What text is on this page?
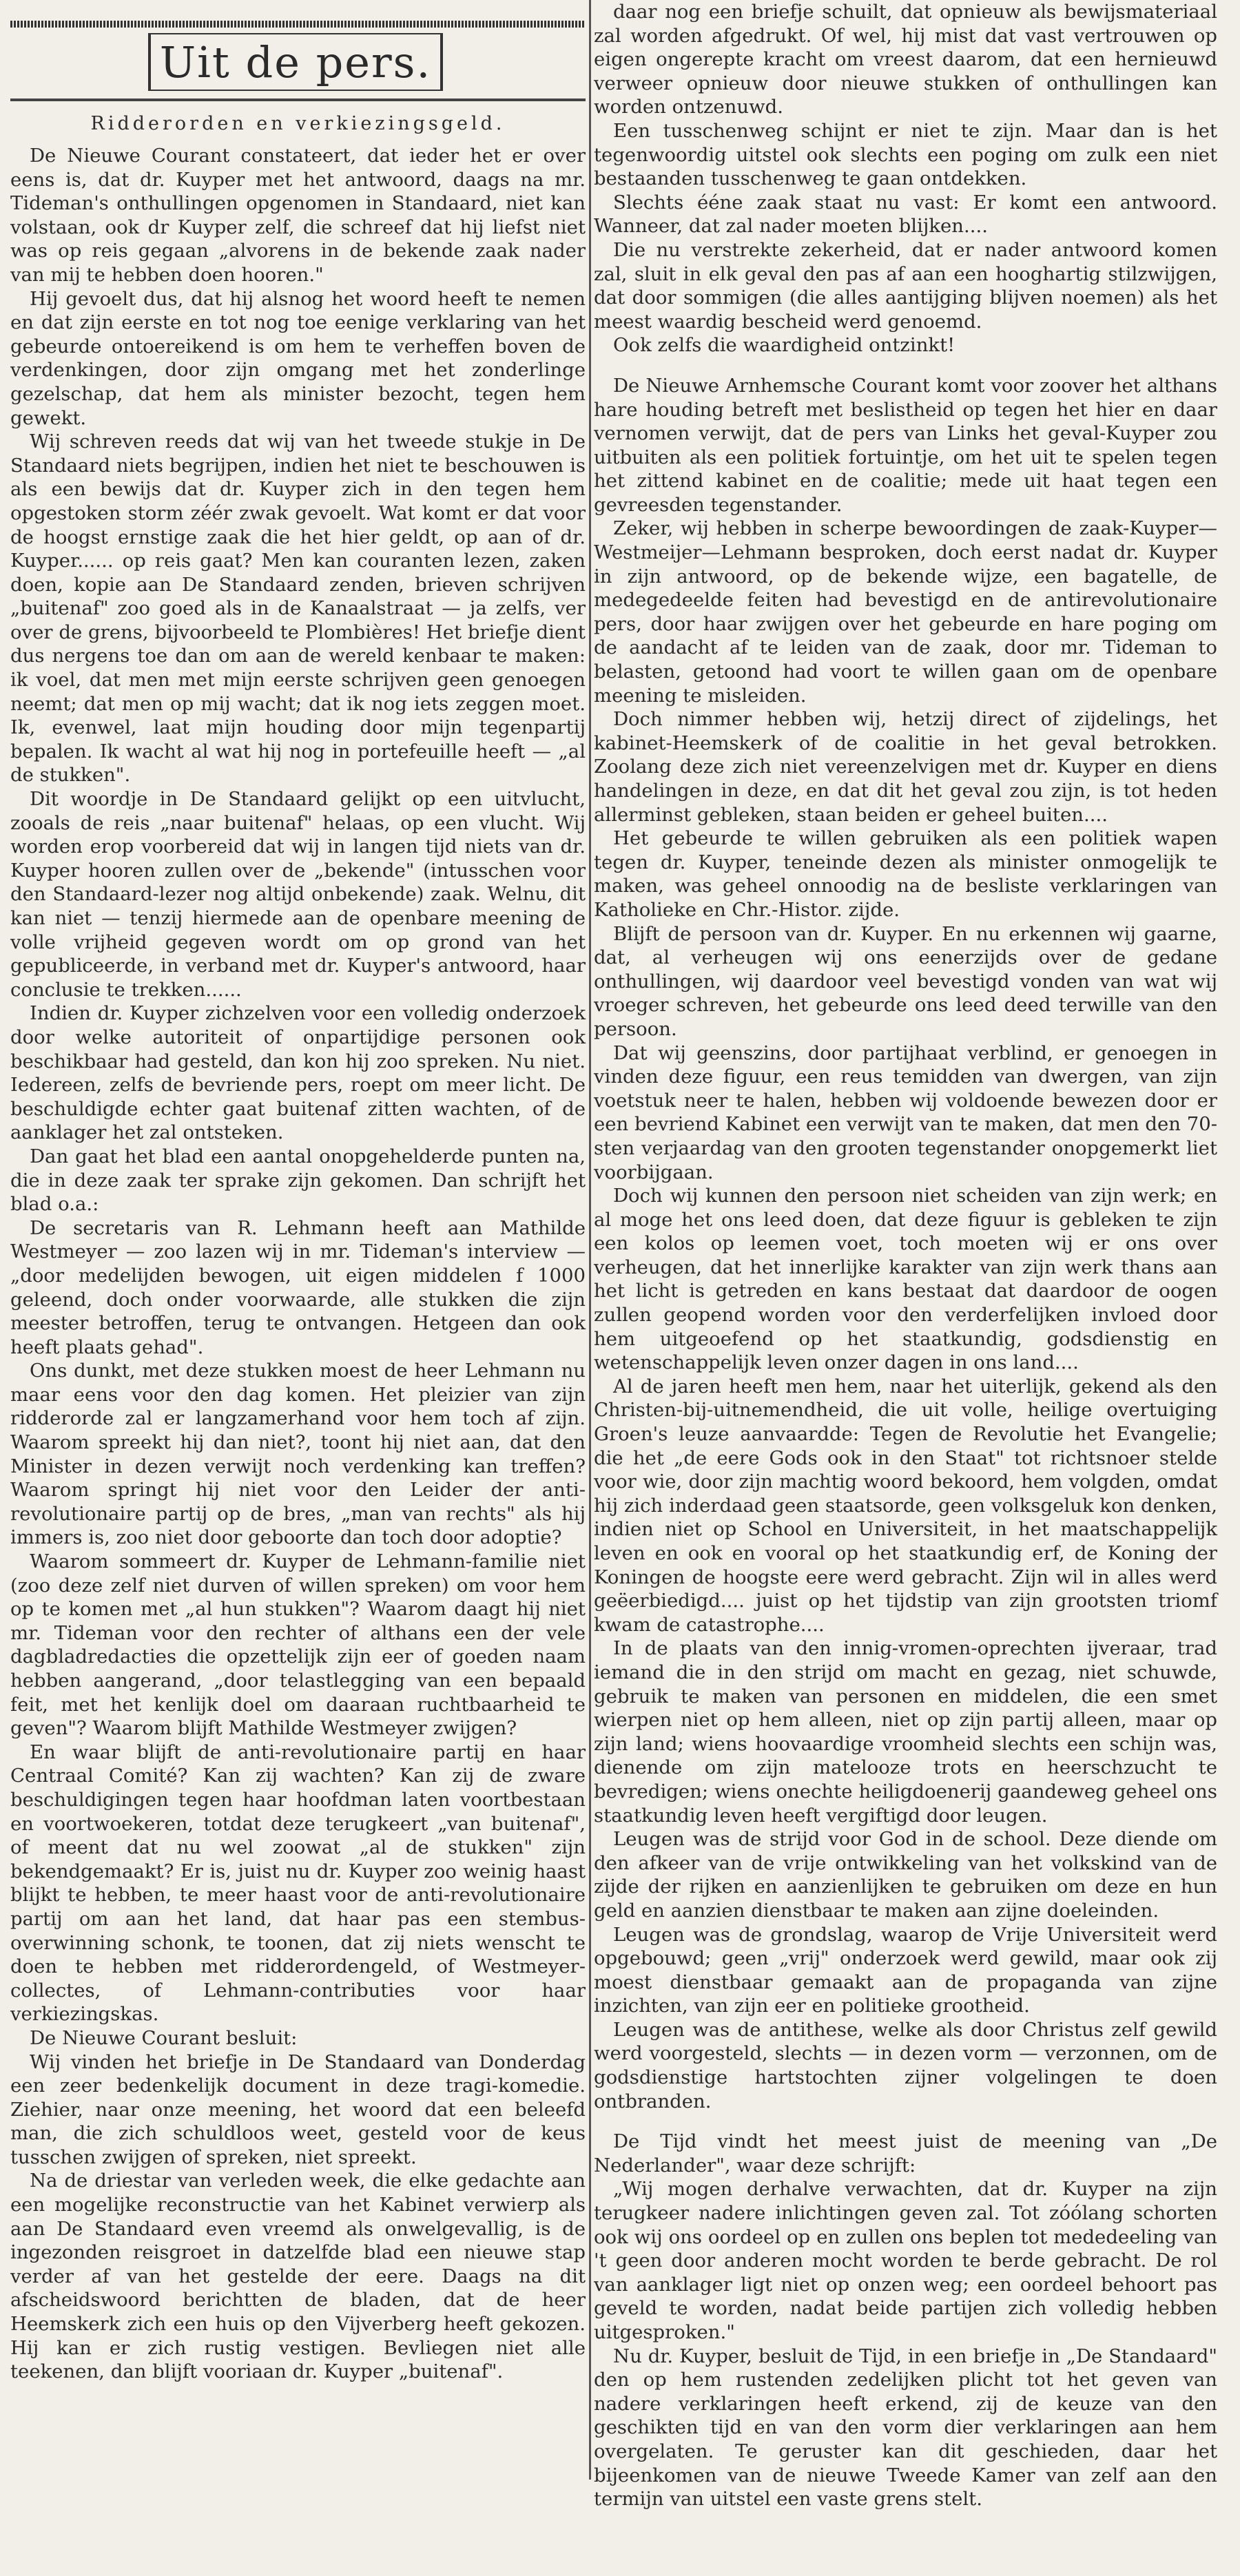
Uit de pers.
Ridderorden en verkiezingsgeld.

De Nieuwe Courant constateert, dat ieder het er over eens is, dat dr. Kuyper met het antwoord, daags na mr. Tideman's onthullingen opgenomen in Standaard, niet kan volstaan, ook dr Kuyper zelf, die schreef dat hij liefst niet was op reis gegaan „alvorens in de bekende zaak nader van mij te hebben doen hooren."

Hij gevoelt dus, dat hij alsnog het woord heeft te nemen en dat zijn eerste en tot nog toe eenige verklaring van het gebeurde ontoereikend is om hem te verheffen boven de verdenkingen, door zijn omgang met het zonderlinge gezelschap, dat hem als minister bezocht, tegen hem gewekt.

Wij schreven reeds dat wij van het tweede stukje in De Standaard niets begrijpen, indien het niet te beschouwen is als een bewijs dat dr. Kuyper zich in den tegen hem opgestoken storm zéér zwak gevoelt. Wat komt er dat voor de hoogst ernstige zaak die het hier geldt, op aan of dr. Kuyper...... op reis gaat? Men kan couranten lezen, zaken doen, kopie aan De Standaard zenden, brieven schrijven „buitenaf" zoo goed als in de Kanaalstraat — ja zelfs, ver over de grens, bijvoorbeeld te Plombières! Het briefje dient dus nergens toe dan om aan de wereld kenbaar te maken: ik voel, dat men met mijn eerste schrijven geen genoegen neemt; dat men op mij wacht; dat ik nog iets zeggen moet. Ik, evenwel, laat mijn houding door mijn tegenpartij bepalen. Ik wacht al wat hij nog in portefeuille heeft — „al de stukken".

Dit woordje in De Standaard gelijkt op een uitvlucht, zooals de reis „naar buitenaf" helaas, op een vlucht. Wij worden erop voorbereid dat wij in langen tijd niets van dr. Kuyper hooren zullen over de „bekende" (intusschen voor den Standaard-lezer nog altijd onbekende) zaak. Welnu, dit kan niet — tenzij hiermede aan de openbare meening de volle vrijheid gegeven wordt om op grond van het gepubliceerde, in verband met dr. Kuyper's antwoord, haar conclusie te trekken......

Indien dr. Kuyper zichzelven voor een volledig onderzoek door welke autoriteit of onpartijdige personen ook beschikbaar had gesteld, dan kon hij zoo spreken. Nu niet. Iedereen, zelfs de bevriende pers, roept om meer licht. De beschuldigde echter gaat buitenaf zitten wachten, of de aanklager het zal ontsteken.

Dan gaat het blad een aantal onopgehelderde punten na, die in deze zaak ter sprake zijn gekomen. Dan schrijft het blad o.a.:

De secretaris van R. Lehmann heeft aan Mathilde Westmeyer — zoo lazen wij in mr. Tideman's interview — „door medelijden bewogen, uit eigen middelen f 1000 geleend, doch onder voorwaarde, alle stukken die zijn meester betroffen, terug te ontvangen. Hetgeen dan ook heeft plaats gehad".

Ons dunkt, met deze stukken moest de heer Lehmann nu maar eens voor den dag komen. Het pleizier van zijn ridderorde zal er langzamerhand voor hem toch af zijn. Waarom spreekt hij dan niet?, toont hij niet aan, dat den Minister in dezen verwijt noch verdenking kan treffen? Waarom springt hij niet voor den Leider der anti-revolutionaire partij op de bres, „man van rechts" als hij immers is, zoo niet door geboorte dan toch door adoptie?

Waarom sommeert dr. Kuyper de Lehmann-familie niet (zoo deze zelf niet durven of willen spreken) om voor hem op te komen met „al hun stukken"? Waarom daagt hij niet mr. Tideman voor den rechter of althans een der vele dagbladredacties die opzettelijk zijn eer of goeden naam hebben aangerand, „door telastlegging van een bepaald feit, met het kenlijk doel om daaraan ruchtbaarheid te geven"? Waarom blijft Mathilde Westmeyer zwijgen?

En waar blijft de anti-revolutionaire partij en haar Centraal Comité? Kan zij wachten? Kan zij de zware beschuldigingen tegen haar hoofdman laten voortbestaan en voortwoekeren, totdat deze terugkeert „van buitenaf", of meent dat nu wel zoowat „al de stukken" zijn bekendgemaakt? Er is, juist nu dr. Kuyper zoo weinig haast blijkt te hebben, te meer haast voor de anti-revolutionaire partij om aan het land, dat haar pas een stembus-overwinning schonk, te toonen, dat zij niets wenscht te doen te hebben met ridderordengeld, of Westmeyer-collectes, of Lehmann-contributies voor haar verkiezingskas.

De Nieuwe Courant besluit:

Wij vinden het briefje in De Standaard van Donderdag een zeer bedenkelijk document in deze tragi-komedie. Ziehier, naar onze meening, het woord dat een beleefd man, die zich schuldloos weet, gesteld voor de keus tusschen zwijgen of spreken, niet spreekt.

Na de driestar van verleden week, die elke gedachte aan een mogelijke reconstructie van het Kabinet verwierp als aan De Standaard even vreemd als onwelgevallig, is de ingezonden reisgroet in datzelfde blad een nieuwe stap verder af van het gestelde der eere. Daags na dit afscheidswoord berichtten de bladen, dat de heer Heemskerk zich een huis op den Vijverberg heeft gekozen. Hij kan er zich rustig vestigen. Bevliegen niet alle teekenen, dan blijft vooriaan dr. Kuyper „buitenaf".

daar nog een briefje schuilt, dat opnieuw als bewijsmateriaal zal worden afgedrukt. Of wel, hij mist dat vast vertrouwen op eigen ongerepte kracht om vreest daarom, dat een hernieuwd verweer opnieuw door nieuwe stukken of onthullingen kan worden ontzenuwd.

Een tusschenweg schijnt er niet te zijn. Maar dan is het tegenwoordig uitstel ook slechts een poging om zulk een niet bestaanden tusschenweg te gaan ontdekken.

Slechts ééne zaak staat nu vast: Er komt een antwoord. Wanneer, dat zal nader moeten blijken....

Die nu verstrekte zekerheid, dat er nader antwoord komen zal, sluit in elk geval den pas af aan een hooghartig stilzwijgen, dat door sommigen (die alles aantijging blijven noemen) als het meest waardig bescheid werd genoemd.

Ook zelfs die waardigheid ontzinkt!

De Nieuwe Arnhemsche Courant komt voor zoover het althans hare houding betreft met beslistheid op tegen het hier en daar vernomen verwijt, dat de pers van Links het geval-Kuyper zou uitbuiten als een politiek fortuintje, om het uit te spelen tegen het zittend kabinet en de coalitie; mede uit haat tegen een gevreesden tegenstander.

Zeker, wij hebben in scherpe bewoordingen de zaak-Kuyper—Westmeijer—Lehmann besproken, doch eerst nadat dr. Kuyper in zijn antwoord, op de bekende wijze, een bagatelle, de medegedeelde feiten had bevestigd en de antirevolutionaire pers, door haar zwijgen over het gebeurde en hare poging om de aandacht af te leiden van de zaak, door mr. Tideman to belasten, getoond had voort te willen gaan om de openbare meening te misleiden.

Doch nimmer hebben wij, hetzij direct of zijdelings, het kabinet-Heemskerk of de coalitie in het geval betrokken. Zoolang deze zich niet vereenzelvigen met dr. Kuyper en diens handelingen in deze, en dat dit het geval zou zijn, is tot heden allerminst gebleken, staan beiden er geheel buiten....

Het gebeurde te willen gebruiken als een politiek wapen tegen dr. Kuyper, teneinde dezen als minister onmogelijk te maken, was geheel onnoodig na de besliste verklaringen van Katholieke en Chr.-Histor. zijde.

Blijft de persoon van dr. Kuyper. En nu erkennen wij gaarne, dat, al verheugen wij ons eenerzijds over de gedane onthullingen, wij daardoor veel bevestigd vonden van wat wij vroeger schreven, het gebeurde ons leed deed terwille van den persoon.

Dat wij geenszins, door partijhaat verblind, er genoegen in vinden deze figuur, een reus temidden van dwergen, van zijn voetstuk neer te halen, hebben wij voldoende bewezen door er een bevriend Kabinet een verwijt van te maken, dat men den 70-sten verjaardag van den grooten tegenstander onopgemerkt liet voorbijgaan.

Doch wij kunnen den persoon niet scheiden van zijn werk; en al moge het ons leed doen, dat deze figuur is gebleken te zijn een kolos op leemen voet, toch moeten wij er ons over verheugen, dat het innerlijke karakter van zijn werk thans aan het licht is getreden en kans bestaat dat daardoor de oogen zullen geopend worden voor den verderfelijken invloed door hem uitgeoefend op het staatkundig, godsdienstig en wetenschappelijk leven onzer dagen in ons land....

Al de jaren heeft men hem, naar het uiterlijk, gekend als den Christen-bij-uitnemendheid, die uit volle, heilige overtuiging Groen's leuze aanvaardde: Tegen de Revolutie het Evangelie; die het „de eere Gods ook in den Staat" tot richtsnoer stelde voor wie, door zijn machtig woord bekoord, hem volgden, omdat hij zich inderdaad geen staatsorde, geen volksgeluk kon denken, indien niet op School en Universiteit, in het maatschappelijk leven en ook en vooral op het staatkundig erf, de Koning der Koningen de hoogste eere werd gebracht. Zijn wil in alles werd geëerbiedigd.... juist op het tijdstip van zijn grootsten triomf kwam de catastrophe....

In de plaats van den innig-vromen-oprechten ijveraar, trad iemand die in den strijd om macht en gezag, niet schuwde, gebruik te maken van personen en middelen, die een smet wierpen niet op hem alleen, niet op zijn partij alleen, maar op zijn land; wiens hoovaardige vroomheid slechts een schijn was, dienende om zijn matelooze trots en heerschzucht te bevredigen; wiens onechte heiligdoenerij gaandeweg geheel ons staatkundig leven heeft vergiftigd door leugen.

Leugen was de strijd voor God in de school. Deze diende om den afkeer van de vrije ontwikkeling van het volkskind van de zijde der rijken en aanzienlijken te gebruiken om deze en hun geld en aanzien dienstbaar te maken aan zijne doeleinden.

Leugen was de grondslag, waarop de Vrije Universiteit werd opgebouwd; geen „vrij" onderzoek werd gewild, maar ook zij moest dienstbaar gemaakt aan de propaganda van zijne inzichten, van zijn eer en politieke grootheid.

Leugen was de antithese, welke als door Christus zelf gewild werd voorgesteld, slechts — in dezen vorm — verzonnen, om de godsdienstige hartstochten zijner volgelingen te doen ontbranden.

De Tijd vindt het meest juist de meening van „De Nederlander", waar deze schrijft:

„Wij mogen derhalve verwachten, dat dr. Kuyper na zijn terugkeer nadere inlichtingen geven zal. Tot zóólang schorten ook wij ons oordeel op en zullen ons beplen tot mededeeling van 't geen door anderen mocht worden te berde gebracht. De rol van aanklager ligt niet op onzen weg; een oordeel behoort pas geveld te worden, nadat beide partijen zich volledig hebben uitgesproken."

Nu dr. Kuyper, besluit de Tijd, in een briefje in „De Standaard" den op hem rustenden zedelijken plicht tot het geven van nadere verklaringen heeft erkend, zij de keuze van den geschikten tijd en van den vorm dier verklaringen aan hem overgelaten. Te geruster kan dit geschieden, daar het bijeenkomen van de nieuwe Tweede Kamer van zelf aan den termijn van uitstel een vaste grens stelt.
